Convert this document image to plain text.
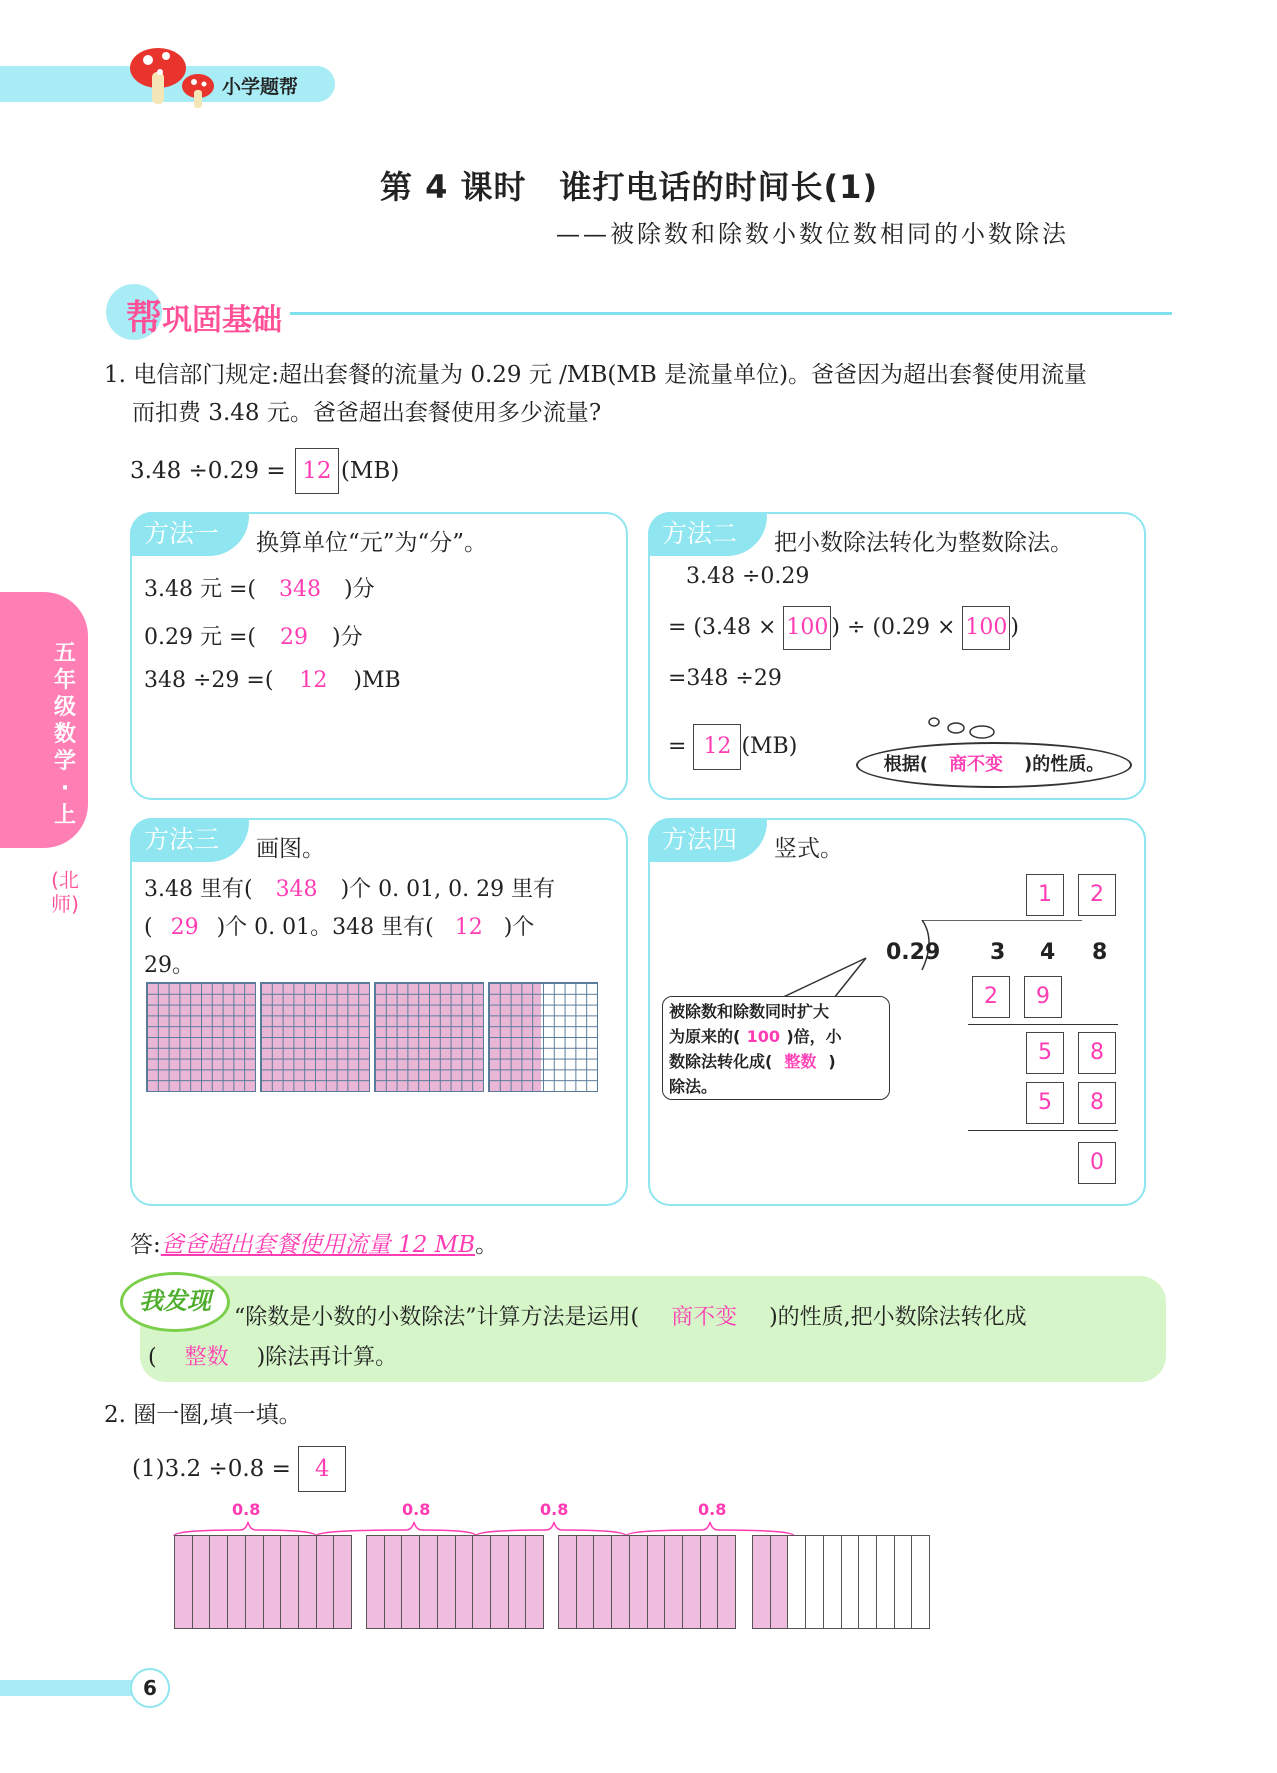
小学题帮
第 4 课时　谁打电话的时间长(1)
——被除数和除数小数位数相同的小数除法
帮巩固基础
五年级数学·上
(北师)
1. 电信部门规定:超出套餐的流量为 0.29 元 /MB(MB 是流量单位)。爸爸因为超出套餐使用流量
而扣费 3.48 元。爸爸超出套餐使用多少流量?
3.48 ÷0.29 = 12 (MB)
方法一	换算单位“元”为“分”。
3.48 元 =( 348 )分
0.29 元 =( 29 )分
348 ÷29 =( 12 )MB
方法二	把小数除法转化为整数除法。
3.48 ÷0.29
= (3.48 × 100 ) ÷ (0.29 × 100 )
=348 ÷29
= 12 (MB)
根据( 商不变 )的性质。
方法三	画图。
3.48 里有( 348 )个 0. 01, 0. 29 里有
( 29 )个 0. 01。348 里有( 12 )个
29。
方法四	竖式。
1	2
0.29 3 4 8
2	9
5	8
5	8
0
被除数和除数同时扩大
为原来的( 100 )倍，小
数除法转化成( 整数 )
除法。
答:爸爸超出套餐使用流量 12 MB。
我发现
“除数是小数的小数除法”计算方法是运用( 商不变 )的性质,把小数除法转化成
( 整数 )除法再计算。
2. 圈一圈,填一填。
(1)3.2 ÷0.8 = 4
0.8	0.8	0.8	0.8
6
